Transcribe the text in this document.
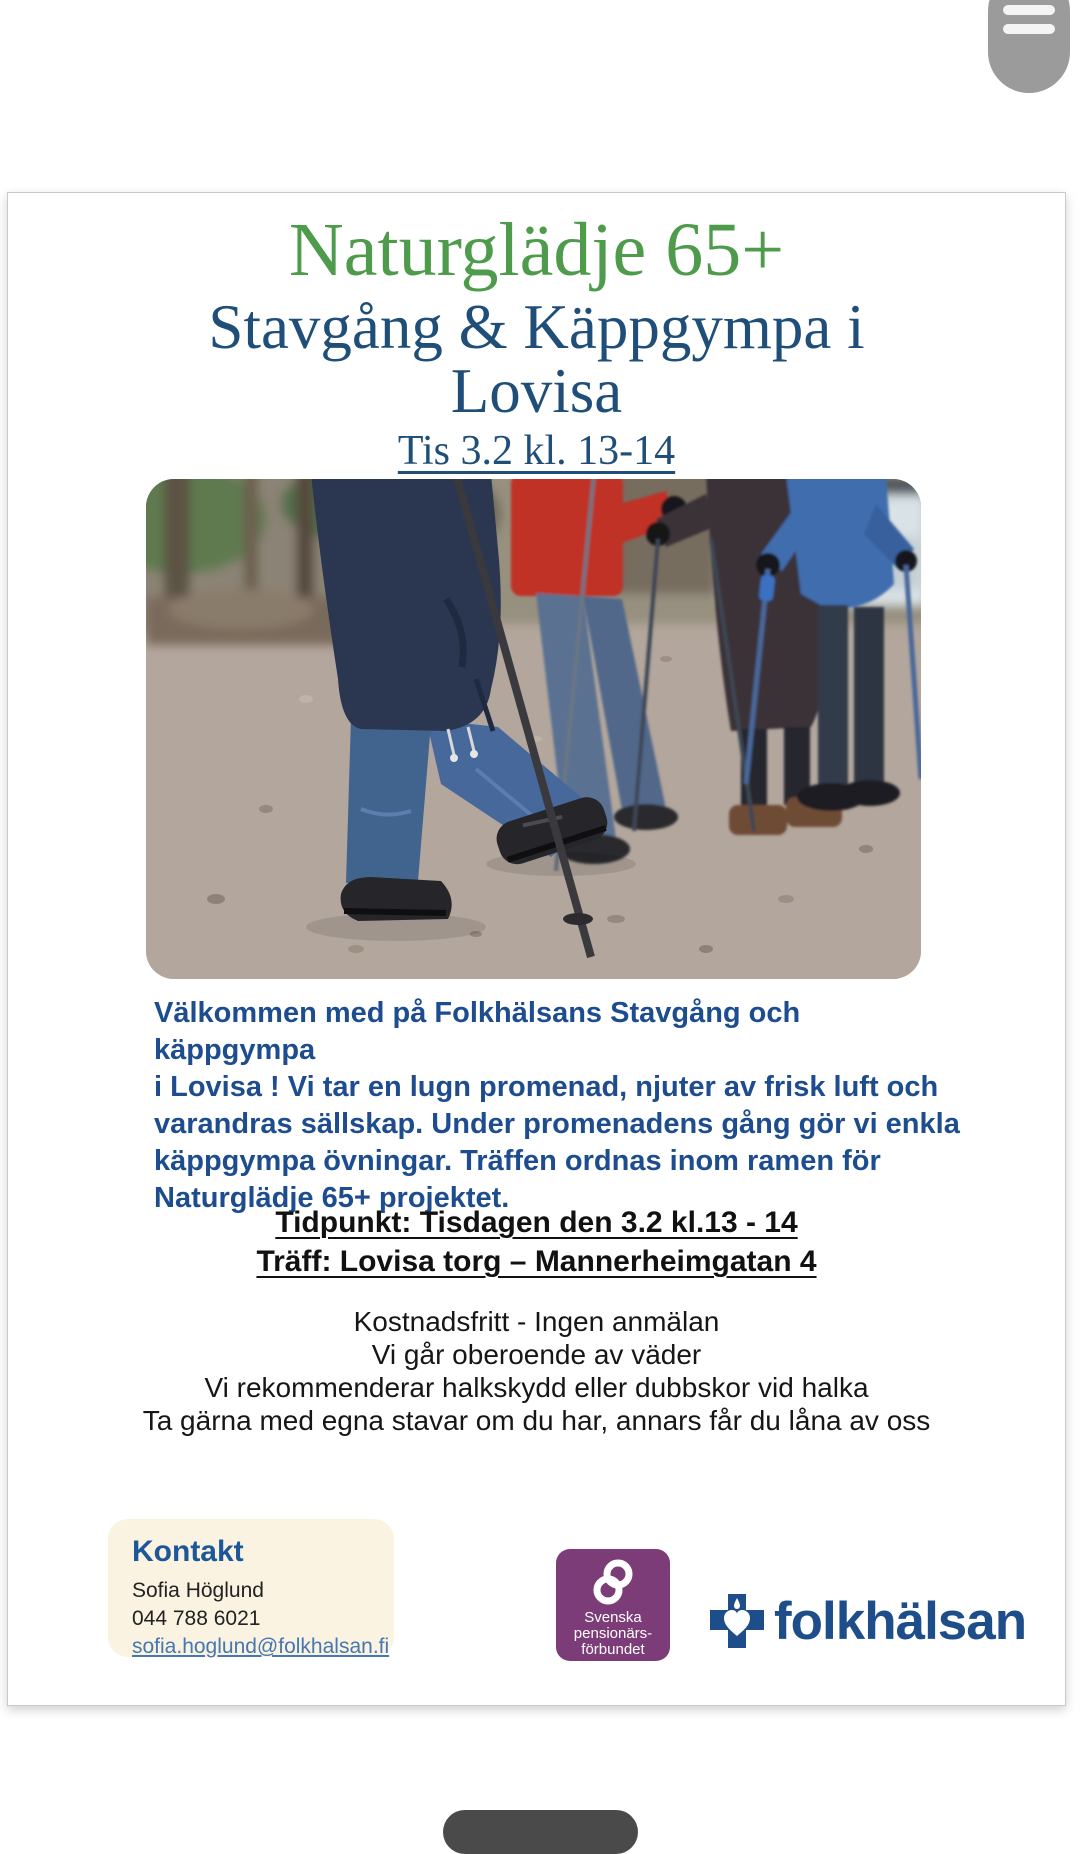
Naturglädje 65+
Stavgång & Käppgympa i
Lovisa
Tis 3.2 kl. 13-14
Välkommen med på Folkhälsans Stavgång och käppgympa
i Lovisa ! Vi tar en lugn promenad, njuter av frisk luft och
varandras sällskap. Under promenadens gång gör vi enkla
käppgympa övningar. Träffen ordnas inom ramen för
Naturglädje 65+ projektet.
Tidpunkt: Tisdagen den 3.2 kl.13 - 14
Träff: Lovisa torg – Mannerheimgatan 4
Kostnadsfritt - Ingen anmälan
Vi går oberoende av väder
Vi rekommenderar halkskydd eller dubbskor vid halka
Ta gärna med egna stavar om du har, annars får du låna av oss
Kontakt
Sofia Höglund
044 788 6021
sofia.hoglund@folkhalsan.fi
Svenska
pensionärs-
förbundet	folkhälsan
